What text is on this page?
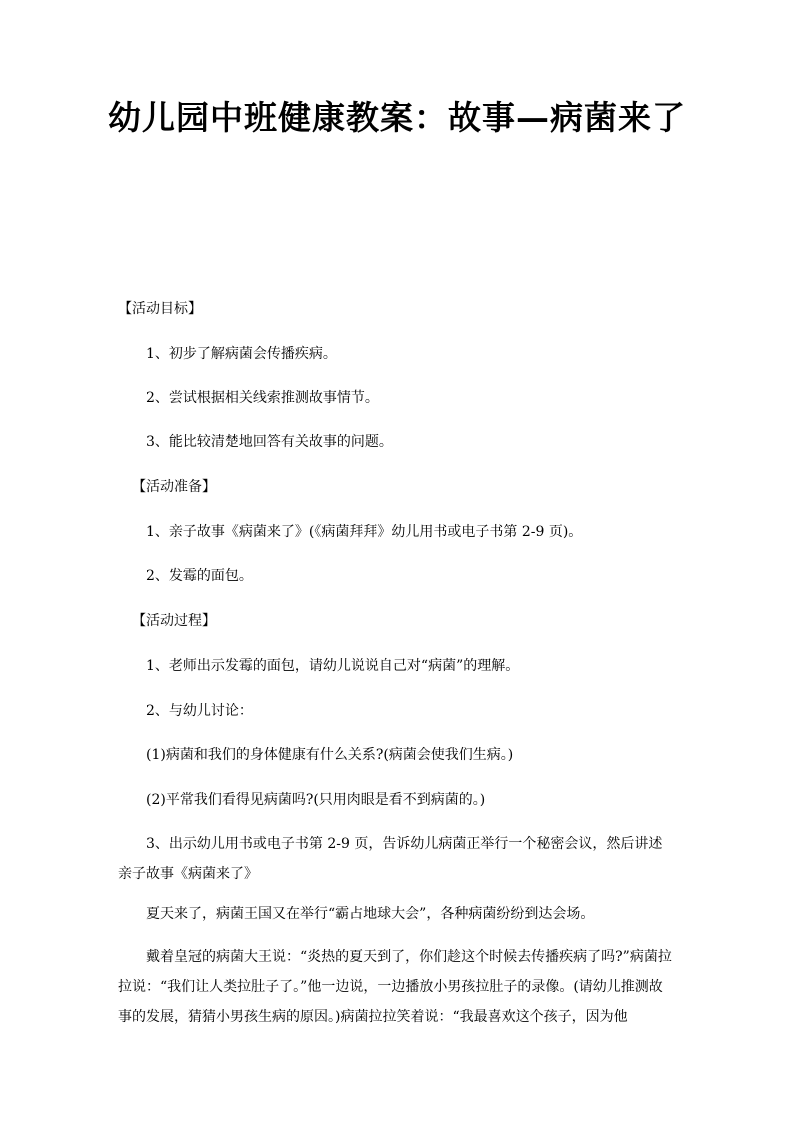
幼儿园中班健康教案：故事—病菌来了

【活动目标】

1、初步了解病菌会传播疾病。

2、尝试根据相关线索推测故事情节。

3、能比较清楚地回答有关故事的问题。

【活动准备】

1、亲子故事《病菌来了》(《病菌拜拜》幼儿用书或电子书第 2-9 页)。

2、发霉的面包。

【活动过程】

1、老师出示发霉的面包，请幼儿说说自己对“病菌”的理解。

2、与幼儿讨论：

(1)病菌和我们的身体健康有什么关系?(病菌会使我们生病。)

(2)平常我们看得见病菌吗?(只用肉眼是看不到病菌的。)

3、出示幼儿用书或电子书第 2-9 页，告诉幼儿病菌正举行一个秘密会议，然后讲述亲子故事《病菌来了》

夏天来了，病菌王国又在举行“霸占地球大会”，各种病菌纷纷到达会场。

戴着皇冠的病菌大王说：“炎热的夏天到了，你们趁这个时候去传播疾病了吗?”病菌拉拉说：“我们让人类拉肚子了。”他一边说，一边播放小男孩拉肚子的录像。(请幼儿推测故事的发展，猜猜小男孩生病的原因。)病菌拉拉笑着说：“我最喜欢这个孩子，因为他
